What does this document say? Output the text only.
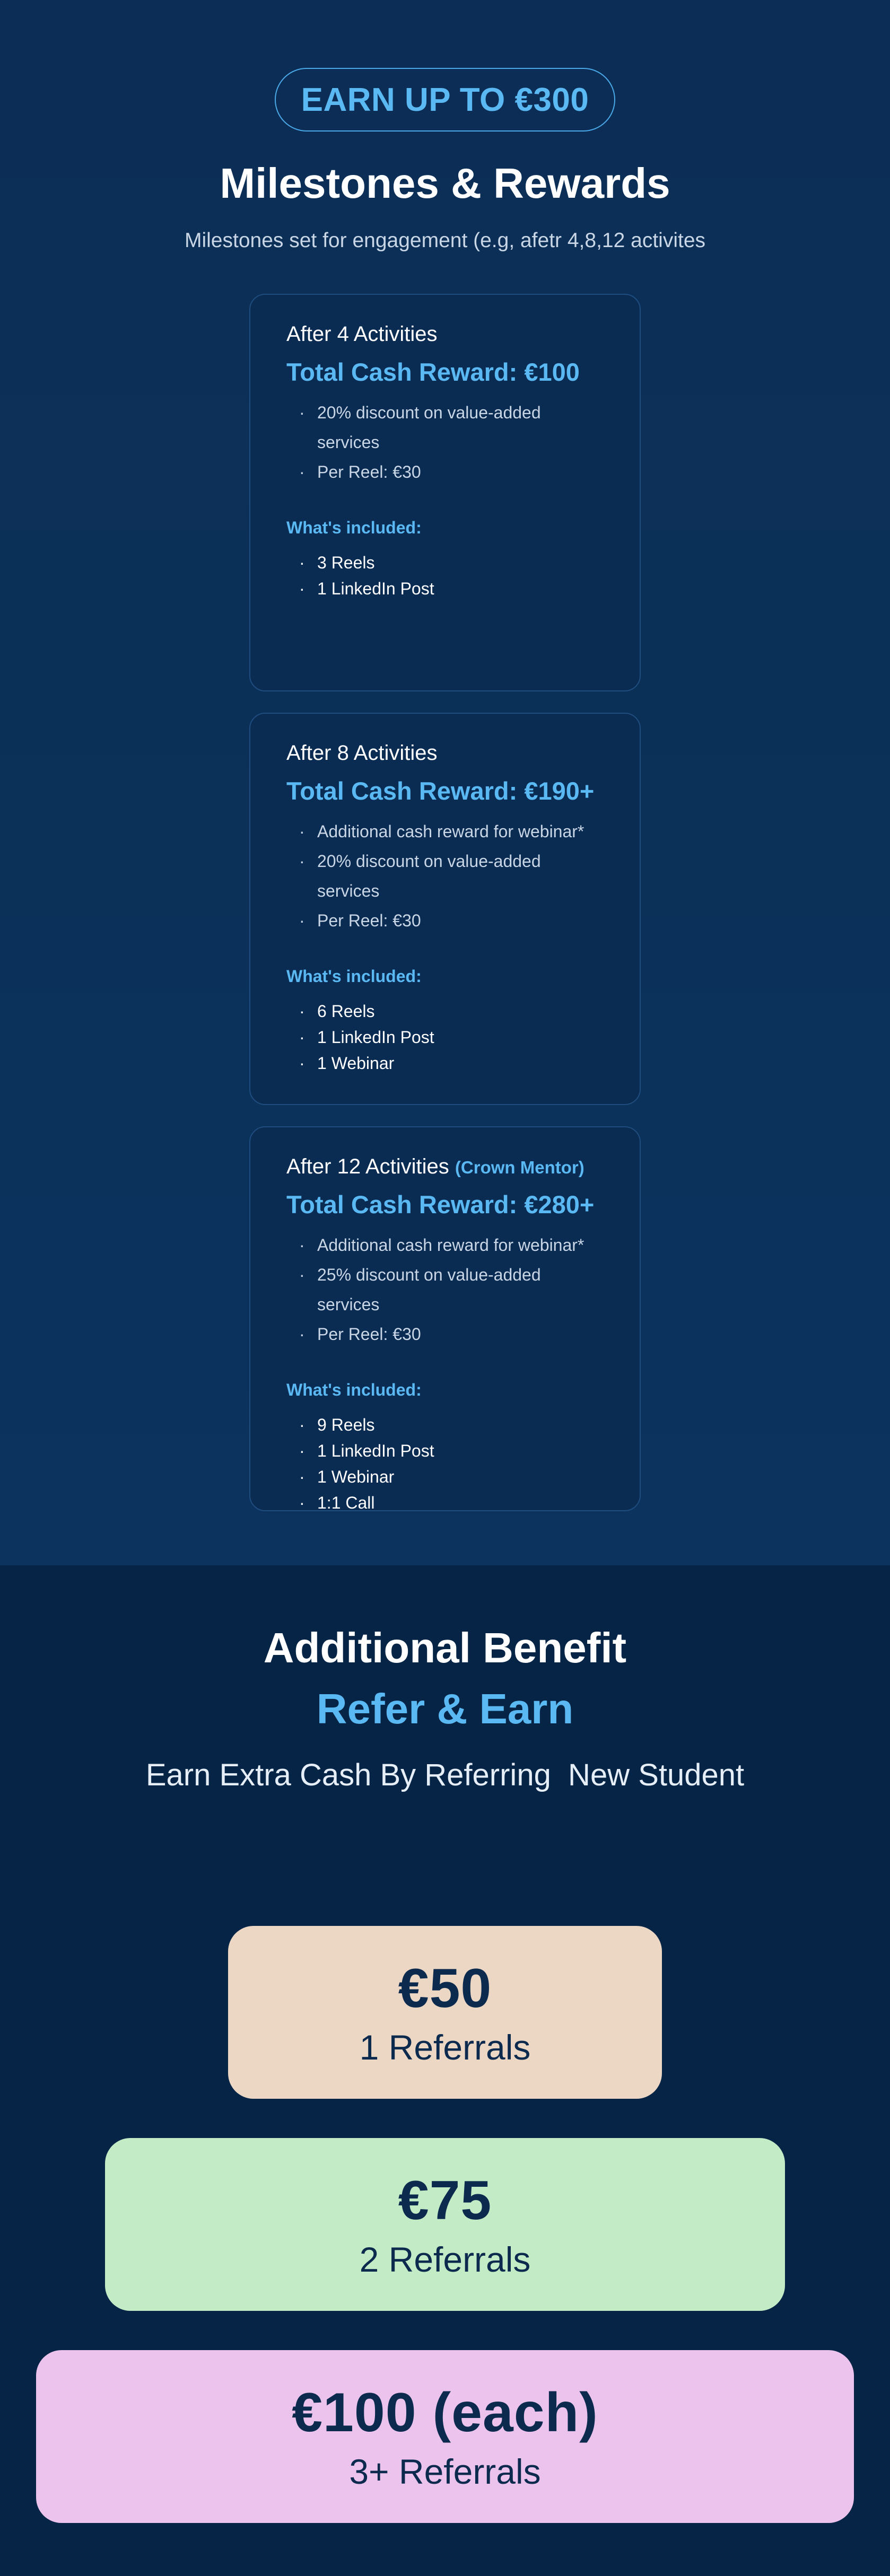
EARN UP TO €300
Milestones & Rewards
Milestones set for engagement (e.g, afetr 4,8,12 activites
After 4 Activities
Total Cash Reward: €100
· 20% discount on value-added services
· Per Reel: €30
What's included:
· 3 Reels
· 1 LinkedIn Post
After 8 Activities
Total Cash Reward: €190+
· Additional cash reward for webinar*
· 20% discount on value-added services
· Per Reel: €30
What's included:
· 6 Reels
· 1 LinkedIn Post
· 1 Webinar
After 12 Activities (Crown Mentor)
Total Cash Reward: €280+
· Additional cash reward for webinar*
· 25% discount on value-added services
· Per Reel: €30
What's included:
· 9 Reels
· 1 LinkedIn Post
· 1 Webinar
· 1:1 Call
Additional Benefit
Refer & Earn
Earn Extra Cash By Referring  New Student
€50
1 Referrals
€75
2 Referrals
€100 (each)
3+ Referrals
